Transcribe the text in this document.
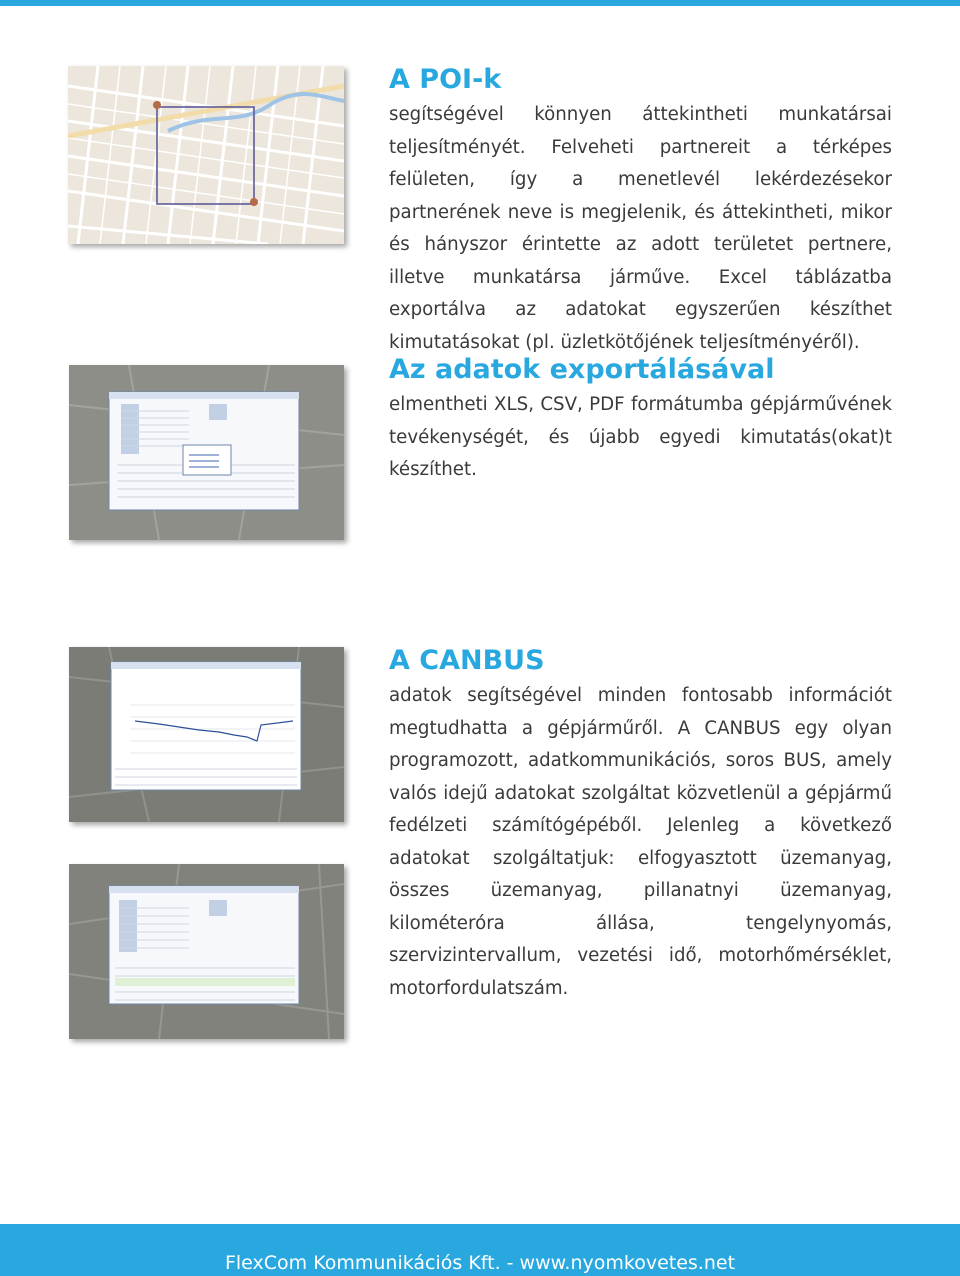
A POI-k

segítségével könnyen áttekintheti munkatársai teljesítményét. Felveheti partnereit a térképes felületen, így a menetlevél lekérdezésekor partnerének neve is megjelenik, és áttekintheti, mikor és hányszor érintette az adott területet pertnere, illetve munkatársa járműve. Excel táblázatba exportálva az adatokat egyszerűen készíthet kimutatásokat (pl. üzletkötőjének teljesítményéről).

Az adatok exportálásával

elmentheti XLS, CSV, PDF formátumba gépjárművének tevékenységét, és újabb egyedi kimutatás(okat)t készíthet.

A CANBUS

adatok segítségével minden fontosabb információt megtudhatta a gépjárműről. A CANBUS egy olyan programozott, adatkommunikációs, soros BUS, amely valós idejű adatokat szolgáltat közvetlenül a gépjármű fedélzeti számítógépéből. Jelenleg a következő adatokat szolgáltatjuk: elfogyasztott üzemanyag, összes üzemanyag, pillanatnyi üzemanyag, kilométeróra állása, tengelynyomás, szervizintervallum, vezetési idő, motorhőmérséklet, motorfordulatszám.

FlexCom Kommunikációs Kft. - www.nyomkovetes.net
